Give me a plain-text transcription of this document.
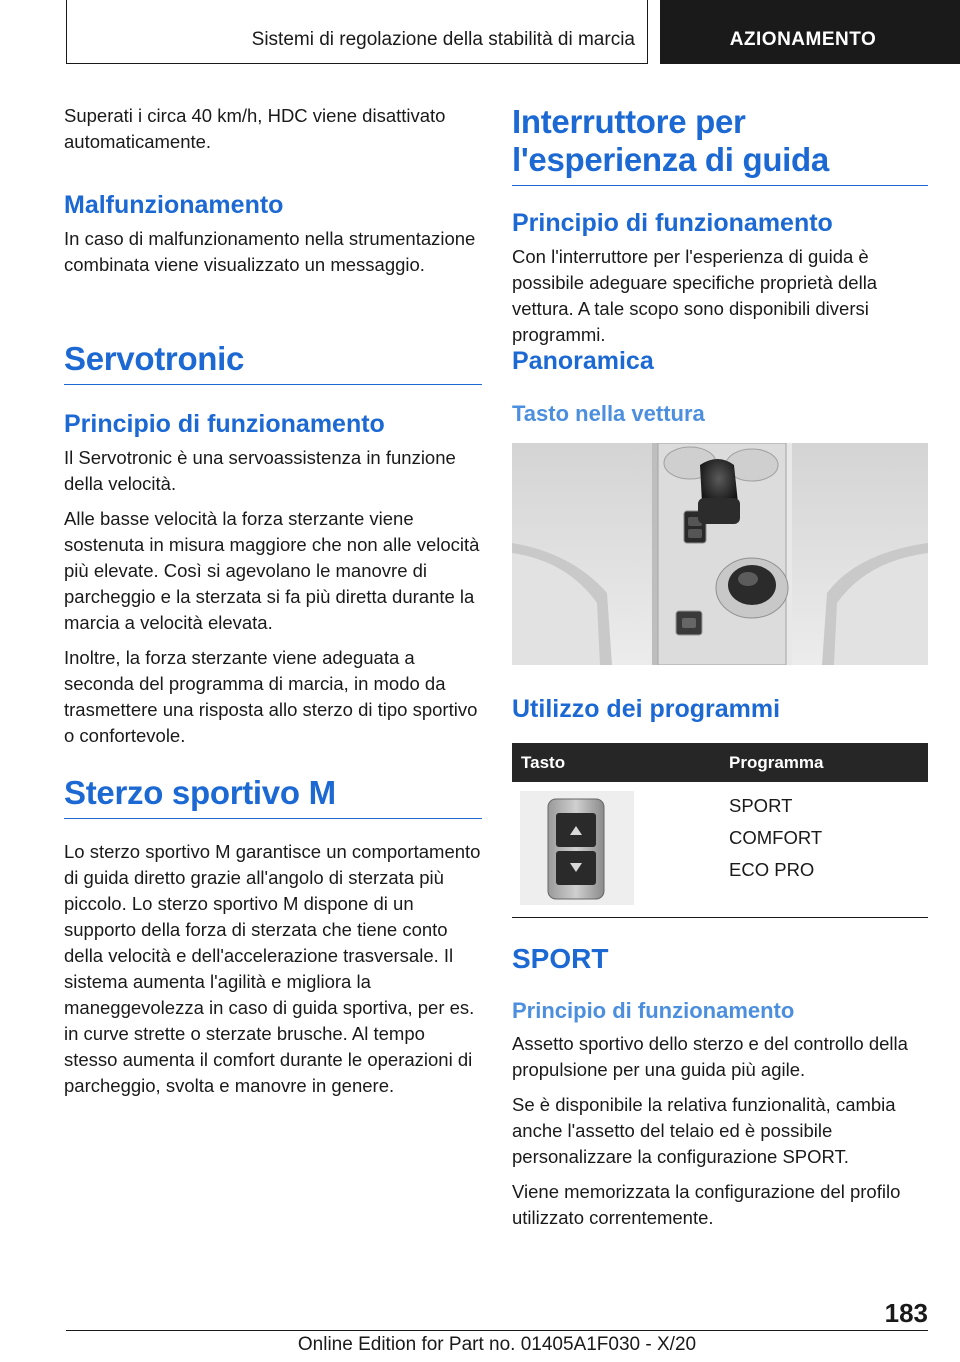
Sistemi di regolazione della stabilità di marcia	AZIONAMENTO

Superati i circa 40 km/h, HDC viene disattivato automaticamente.

Malfunzionamento

In caso di malfunzionamento nella strumentazione combinata viene visualizzato un messaggio.

Servotronic
Principio di funzionamento

Il Servotronic è una servoassistenza in funzione della velocità.

Alle basse velocità la forza sterzante viene sostenuta in misura maggiore che non alle velocità più elevate. Così si agevolano le manovre di parcheggio e la sterzata si fa più diretta durante la marcia a velocità elevata.

Inoltre, la forza sterzante viene adeguata a seconda del programma di marcia, in modo da trasmettere una risposta allo sterzo di tipo sportivo o confortevole.

Sterzo sportivo M

Lo sterzo sportivo M garantisce un comportamento di guida diretto grazie all'angolo di sterzata più piccolo. Lo sterzo sportivo M dispone di un supporto della forza di sterzata che tiene conto della velocità e dell'accelerazione trasversale. Il sistema aumenta l'agilità e migliora la maneggevolezza in caso di guida sportiva, per es. in curve strette o sterzate brusche. Al tempo stesso aumenta il comfort durante le operazioni di parcheggio, svolta e manovre in genere.

Interruttore per l'esperienza di guida
Principio di funzionamento

Con l'interruttore per l'esperienza di guida è possibile adeguare specifiche proprietà della vettura. A tale scopo sono disponibili diversi programmi.

Panoramica
Tasto nella vettura
Utilizzo dei programmi
Tasto	Programma
SPORT
COMFORT
ECO PRO
SPORT
Principio di funzionamento

Assetto sportivo dello sterzo e del controllo della propulsione per una guida più agile.

Se è disponibile la relativa funzionalità, cambia anche l'assetto del telaio ed è possibile personalizzare la configurazione SPORT.

Viene memorizzata la configurazione del profilo utilizzato correntemente.

183
Online Edition for Part no. 01405A1F030 - X/20
